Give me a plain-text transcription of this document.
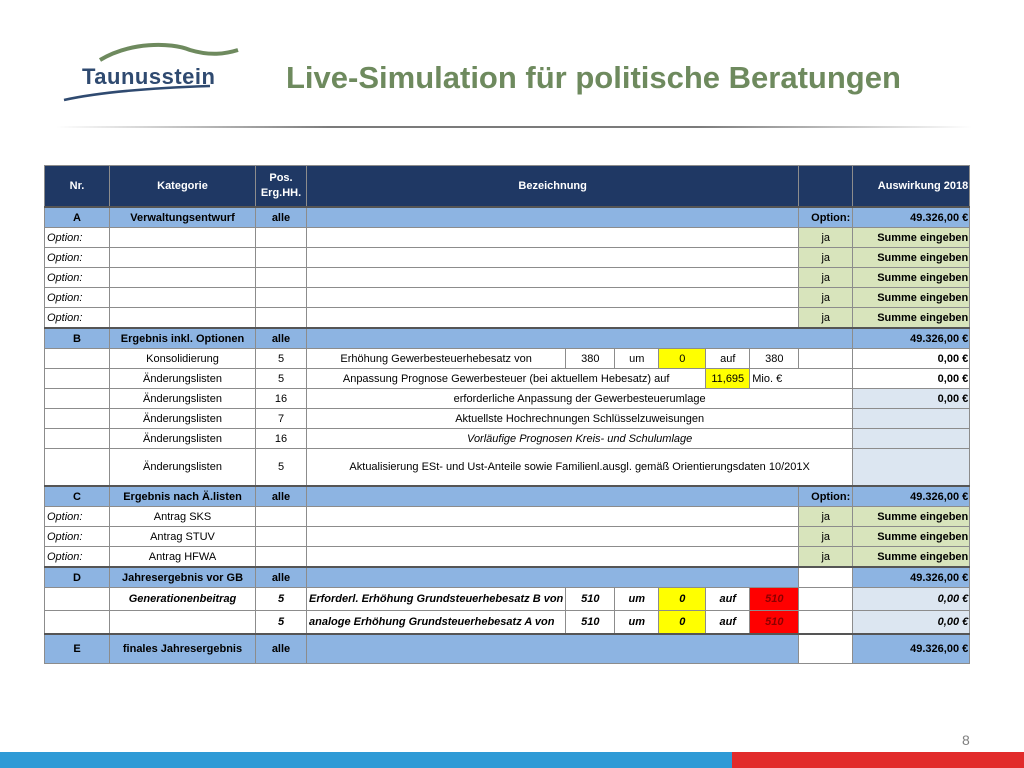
Taunusstein Live-Simulation für politische Beratungen
Nr.	Kategorie	Pos. Erg.HH.	Bezeichnung							Auswirkung 2018
A	Verwaltungsentwurf	alle							Option:	49.326,00 €
Option:									ja	Summe eingeben
Option:									ja	Summe eingeben
Option:									ja	Summe eingeben
Option:									ja	Summe eingeben
Option:									ja	Summe eingeben
B	Ergebnis inkl. Optionen	alle								49.326,00 €
	Konsolidierung	5	Erhöhung Gewerbesteuerhebesatz von	380	um	0	auf	380		0,00 €
	Änderungslisten	5	Anpassung Prognose Gewerbesteuer (bei aktuellem Hebesatz) auf				11,695	Mio. €		0,00 €
	Änderungslisten	16	erforderliche Anpassung der Gewerbesteuerumlage							0,00 €
	Änderungslisten	7	Aktuellste Hochrechnungen Schlüsselzuweisungen							
	Änderungslisten	16	Vorläufige Prognosen Kreis- und Schulumlage							
	Änderungslisten	5	Aktualisierung ESt- und Ust-Anteile sowie Familienl.ausgl. gemäß Orientierungsdaten 10/201X							
C	Ergebnis nach Ä.listen	alle							Option:	49.326,00 €
Option:	Antrag SKS								ja	Summe eingeben
Option:	Antrag STUV								ja	Summe eingeben
Option:	Antrag HFWA								ja	Summe eingeben
D	Jahresergebnis vor GB	alle								49.326,00 €
	Generationenbeitrag	5	Erforderl. Erhöhung Grundsteuerhebesatz B von	510	um	0	auf	510		0,00 €
		5	analoge Erhöhung Grundsteuerhebesatz A von	510	um	0	auf	510		0,00 €
E	finales Jahresergebnis	alle								49.326,00 €
8
